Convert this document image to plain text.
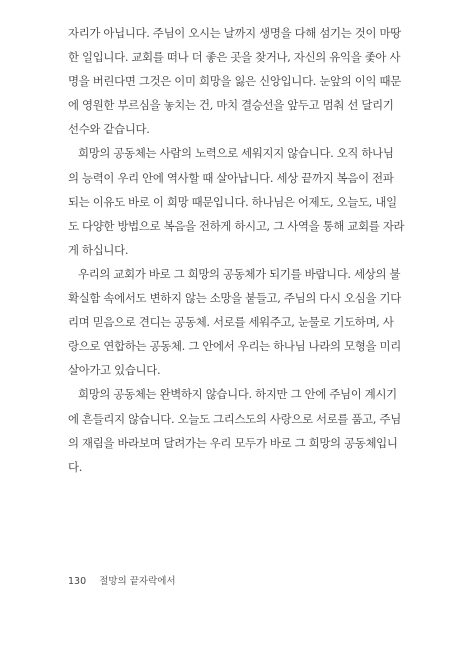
자리가 아닙니다. 주님이 오시는 날까지 생명을 다해 섬기는 것이 마땅
한 일입니다. 교회를 떠나 더 좋은 곳을 찾거나, 자신의 유익을 좇아 사
명을 버린다면 그것은 이미 희망을 잃은 신앙입니다. 눈앞의 이익 때문
에 영원한 부르심을 놓치는 건, 마치 결승선을 앞두고 멈춰 선 달리기
선수와 같습니다.
희망의 공동체는 사람의 노력으로 세워지지 않습니다. 오직 하나님
의 능력이 우리 안에 역사할 때 살아납니다. 세상 끝까지 복음이 전파
되는 이유도 바로 이 희망 때문입니다. 하나님은 어제도, 오늘도, 내일
도 다양한 방법으로 복음을 전하게 하시고, 그 사역을 통해 교회를 자라
게 하십니다.
우리의 교회가 바로 그 희망의 공동체가 되기를 바랍니다. 세상의 불
확실함 속에서도 변하지 않는 소망을 붙들고, 주님의 다시 오심을 기다
리며 믿음으로 견디는 공동체. 서로를 세워주고, 눈물로 기도하며, 사
랑으로 연합하는 공동체. 그 안에서 우리는 하나님 나라의 모형을 미리
살아가고 있습니다.
희망의 공동체는 완벽하지 않습니다. 하지만 그 안에 주님이 계시기
에 흔들리지 않습니다. 오늘도 그리스도의 사랑으로 서로를 품고, 주님
의 재림을 바라보며 달려가는 우리 모두가 바로 그 희망의 공동체입니
다.
130 절망의 끝자락에서
